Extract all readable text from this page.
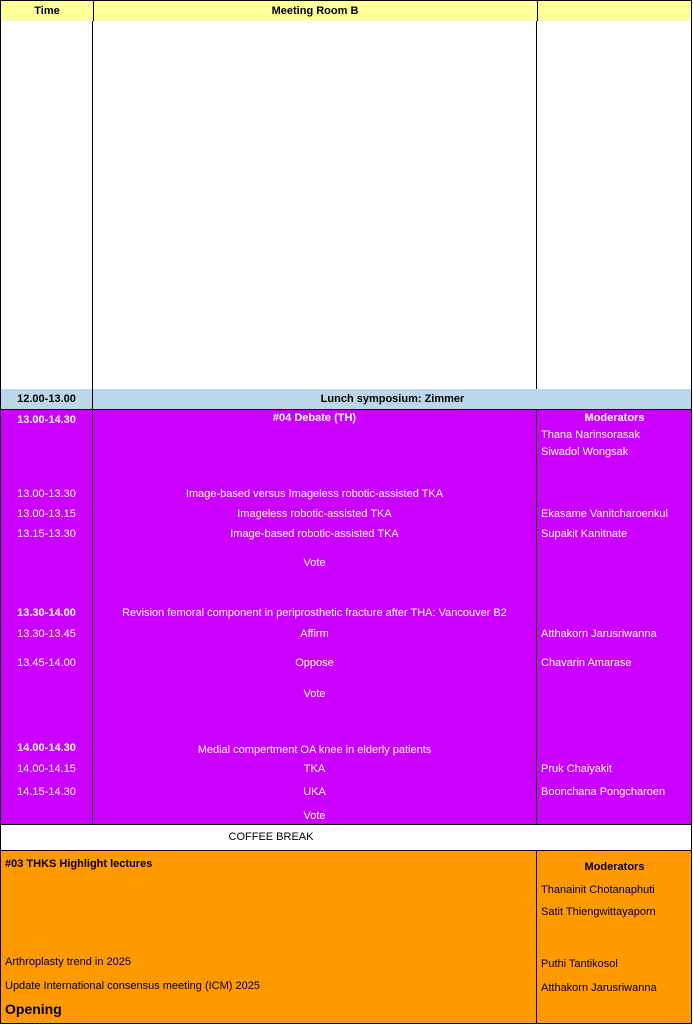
Time	Meeting Room B
12.00-13.00	Lunch symposium: Zimmer
13.00-14.30	#04 Debate (TH)	Moderators
Thana Narinsorasak
Siwadol Wongsak
13.00-13.30	Image-based versus Imageless robotic-assisted TKA
13.00-13.15	Imageless robotic-assisted TKA	Ekasame Vanitcharoenkul
13.15-13.30	Image-based robotic-assisted TKA	Supakit Kanitnate
Vote
13.30-14.00	Revision femoral component in periprosthetic fracture after THA: Vancouver B2
13.30-13.45	Affirm	Atthakorn Jarusriwanna
13.45-14.00	Oppose	Chavarin Amarase
Vote
14.00-14.30	Medial compertment OA knee in elderly patients
14.00-14.15	TKA	Pruk Chaiyakit
14.15-14.30	UKA	Boonchana Pongcharoen
Vote
COFFEE BREAK
#03 THKS Highlight lectures	Moderators
Thanainit Chotanaphuti
Satit Thiengwittayaporn
Arthroplasty trend in 2025	Puthi Tantikosol
Update International consensus meeting (ICM) 2025	Atthakorn Jarusriwanna
Opening
